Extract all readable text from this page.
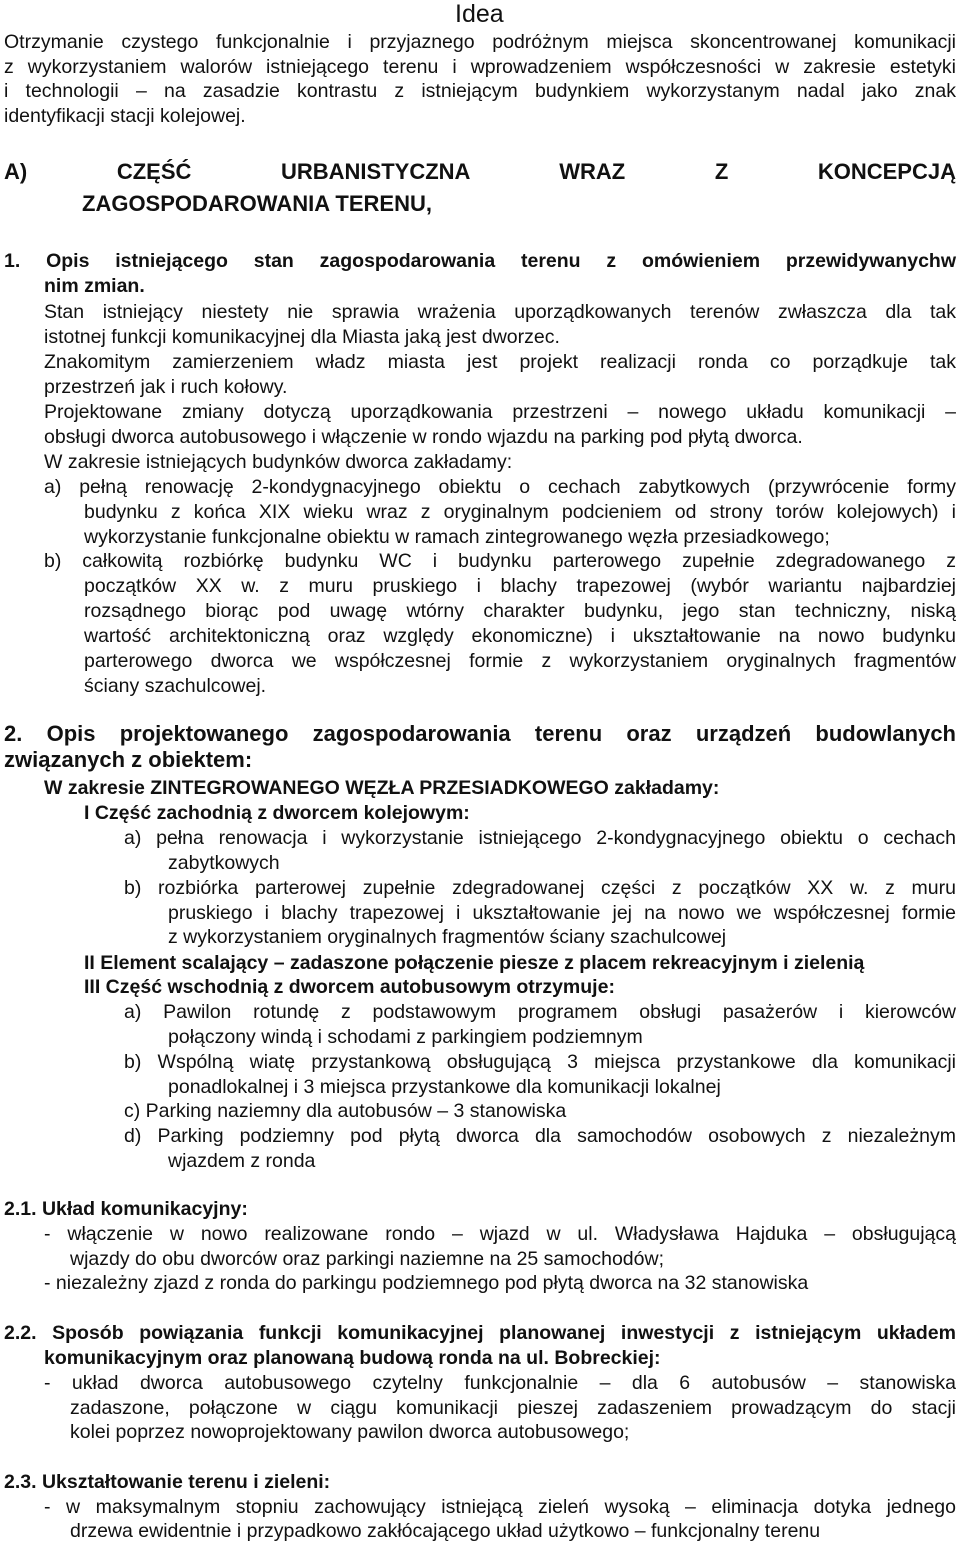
Idea
Otrzymanie czystego funkcjonalnie i przyjaznego podróżnym miejsca skoncentrowanej komunikacji
z wykorzystaniem walorów istniejącego terenu i wprowadzeniem współczesności w zakresie estetyki
i technologii – na zasadzie kontrastu z istniejącym budynkiem wykorzystanym nadal jako znak
identyfikacji stacji kolejowej.
A) CZĘŚĆ URBANISTYCZNA WRAZ Z KONCEPCJĄ
ZAGOSPODAROWANIA TERENU,
1. Opis istniejącego stan zagospodarowania terenu z omówieniem przewidywanychw
nim zmian.
Stan istniejący niestety nie sprawia wrażenia uporządkowanych terenów zwłaszcza dla tak
istotnej funkcji komunikacyjnej dla Miasta jaką jest dworzec.
Znakomitym zamierzeniem władz miasta jest projekt realizacji ronda co porządkuje tak
przestrzeń jak i ruch kołowy.
Projektowane zmiany dotyczą uporządkowania przestrzeni – nowego układu komunikacji –
obsługi dworca autobusowego i włączenie w rondo wjazdu na parking pod płytą dworca.
W zakresie istniejących budynków dworca zakładamy:
a) pełną renowację 2-kondygnacyjnego obiektu o cechach zabytkowych (przywrócenie formy
budynku z końca XIX wieku wraz z oryginalnym podcieniem od strony torów kolejowych) i
wykorzystanie funkcjonalne obiektu w ramach zintegrowanego węzła przesiadkowego;
b) całkowitą rozbiórkę budynku WC i budynku parterowego zupełnie zdegradowanego z
początków XX w. z muru pruskiego i blachy trapezowej (wybór wariantu najbardziej
rozsądnego biorąc pod uwagę wtórny charakter budynku, jego stan techniczny, niską
wartość architektoniczną oraz względy ekonomiczne) i ukształtowanie na nowo budynku
parterowego dworca we współczesnej formie z wykorzystaniem oryginalnych fragmentów
ściany szachulcowej.
2. Opis projektowanego zagospodarowania terenu oraz urządzeń budowlanych
związanych z obiektem:
W zakresie ZINTEGROWANEGO WĘZŁA PRZESIADKOWEGO zakładamy:
I Część zachodnią z dworcem kolejowym:
a) pełna renowacja i wykorzystanie istniejącego 2-kondygnacyjnego obiektu o cechach
zabytkowych
b) rozbiórka parterowej zupełnie zdegradowanej części z początków XX w. z muru
pruskiego i blachy trapezowej i ukształtowanie jej na nowo we współczesnej formie
z wykorzystaniem oryginalnych fragmentów ściany szachulcowej
II Element scalający – zadaszone połączenie piesze z placem rekreacyjnym i zielenią
III Część wschodnią z dworcem autobusowym otrzymuje:
a) Pawilon rotundę z podstawowym programem obsługi pasażerów i kierowców
połączony windą i schodami z parkingiem podziemnym
b) Wspólną wiatę przystankową obsługującą 3 miejsca przystankowe dla komunikacji
ponadlokalnej i 3 miejsca przystankowe dla komunikacji lokalnej
c) Parking naziemny dla autobusów – 3 stanowiska
d) Parking podziemny pod płytą dworca dla samochodów osobowych z niezależnym
wjazdem z ronda
2.1. Układ komunikacyjny:
- włączenie w nowo realizowane rondo – wjazd w ul. Władysława Hajduka – obsługującą
wjazdy do obu dworców oraz parkingi naziemne na 25 samochodów;
- niezależny zjazd z ronda do parkingu podziemnego pod płytą dworca na 32 stanowiska
2.2. Sposób powiązania funkcji komunikacyjnej planowanej inwestycji z istniejącym układem
komunikacyjnym oraz planowaną budową ronda na ul. Bobreckiej:
- układ dworca autobusowego czytelny funkcjonalnie – dla 6 autobusów – stanowiska
zadaszone, połączone w ciągu komunikacji pieszej zadaszeniem prowadzącym do stacji
kolei poprzez nowoprojektowany pawilon dworca autobusowego;
2.3. Ukształtowanie terenu i zieleni:
- w maksymalnym stopniu zachowujący istniejącą zieleń wysoką – eliminacja dotyka jednego
drzewa ewidentnie i przypadkowo zakłócającego układ użytkowo – funkcjonalny terenu
